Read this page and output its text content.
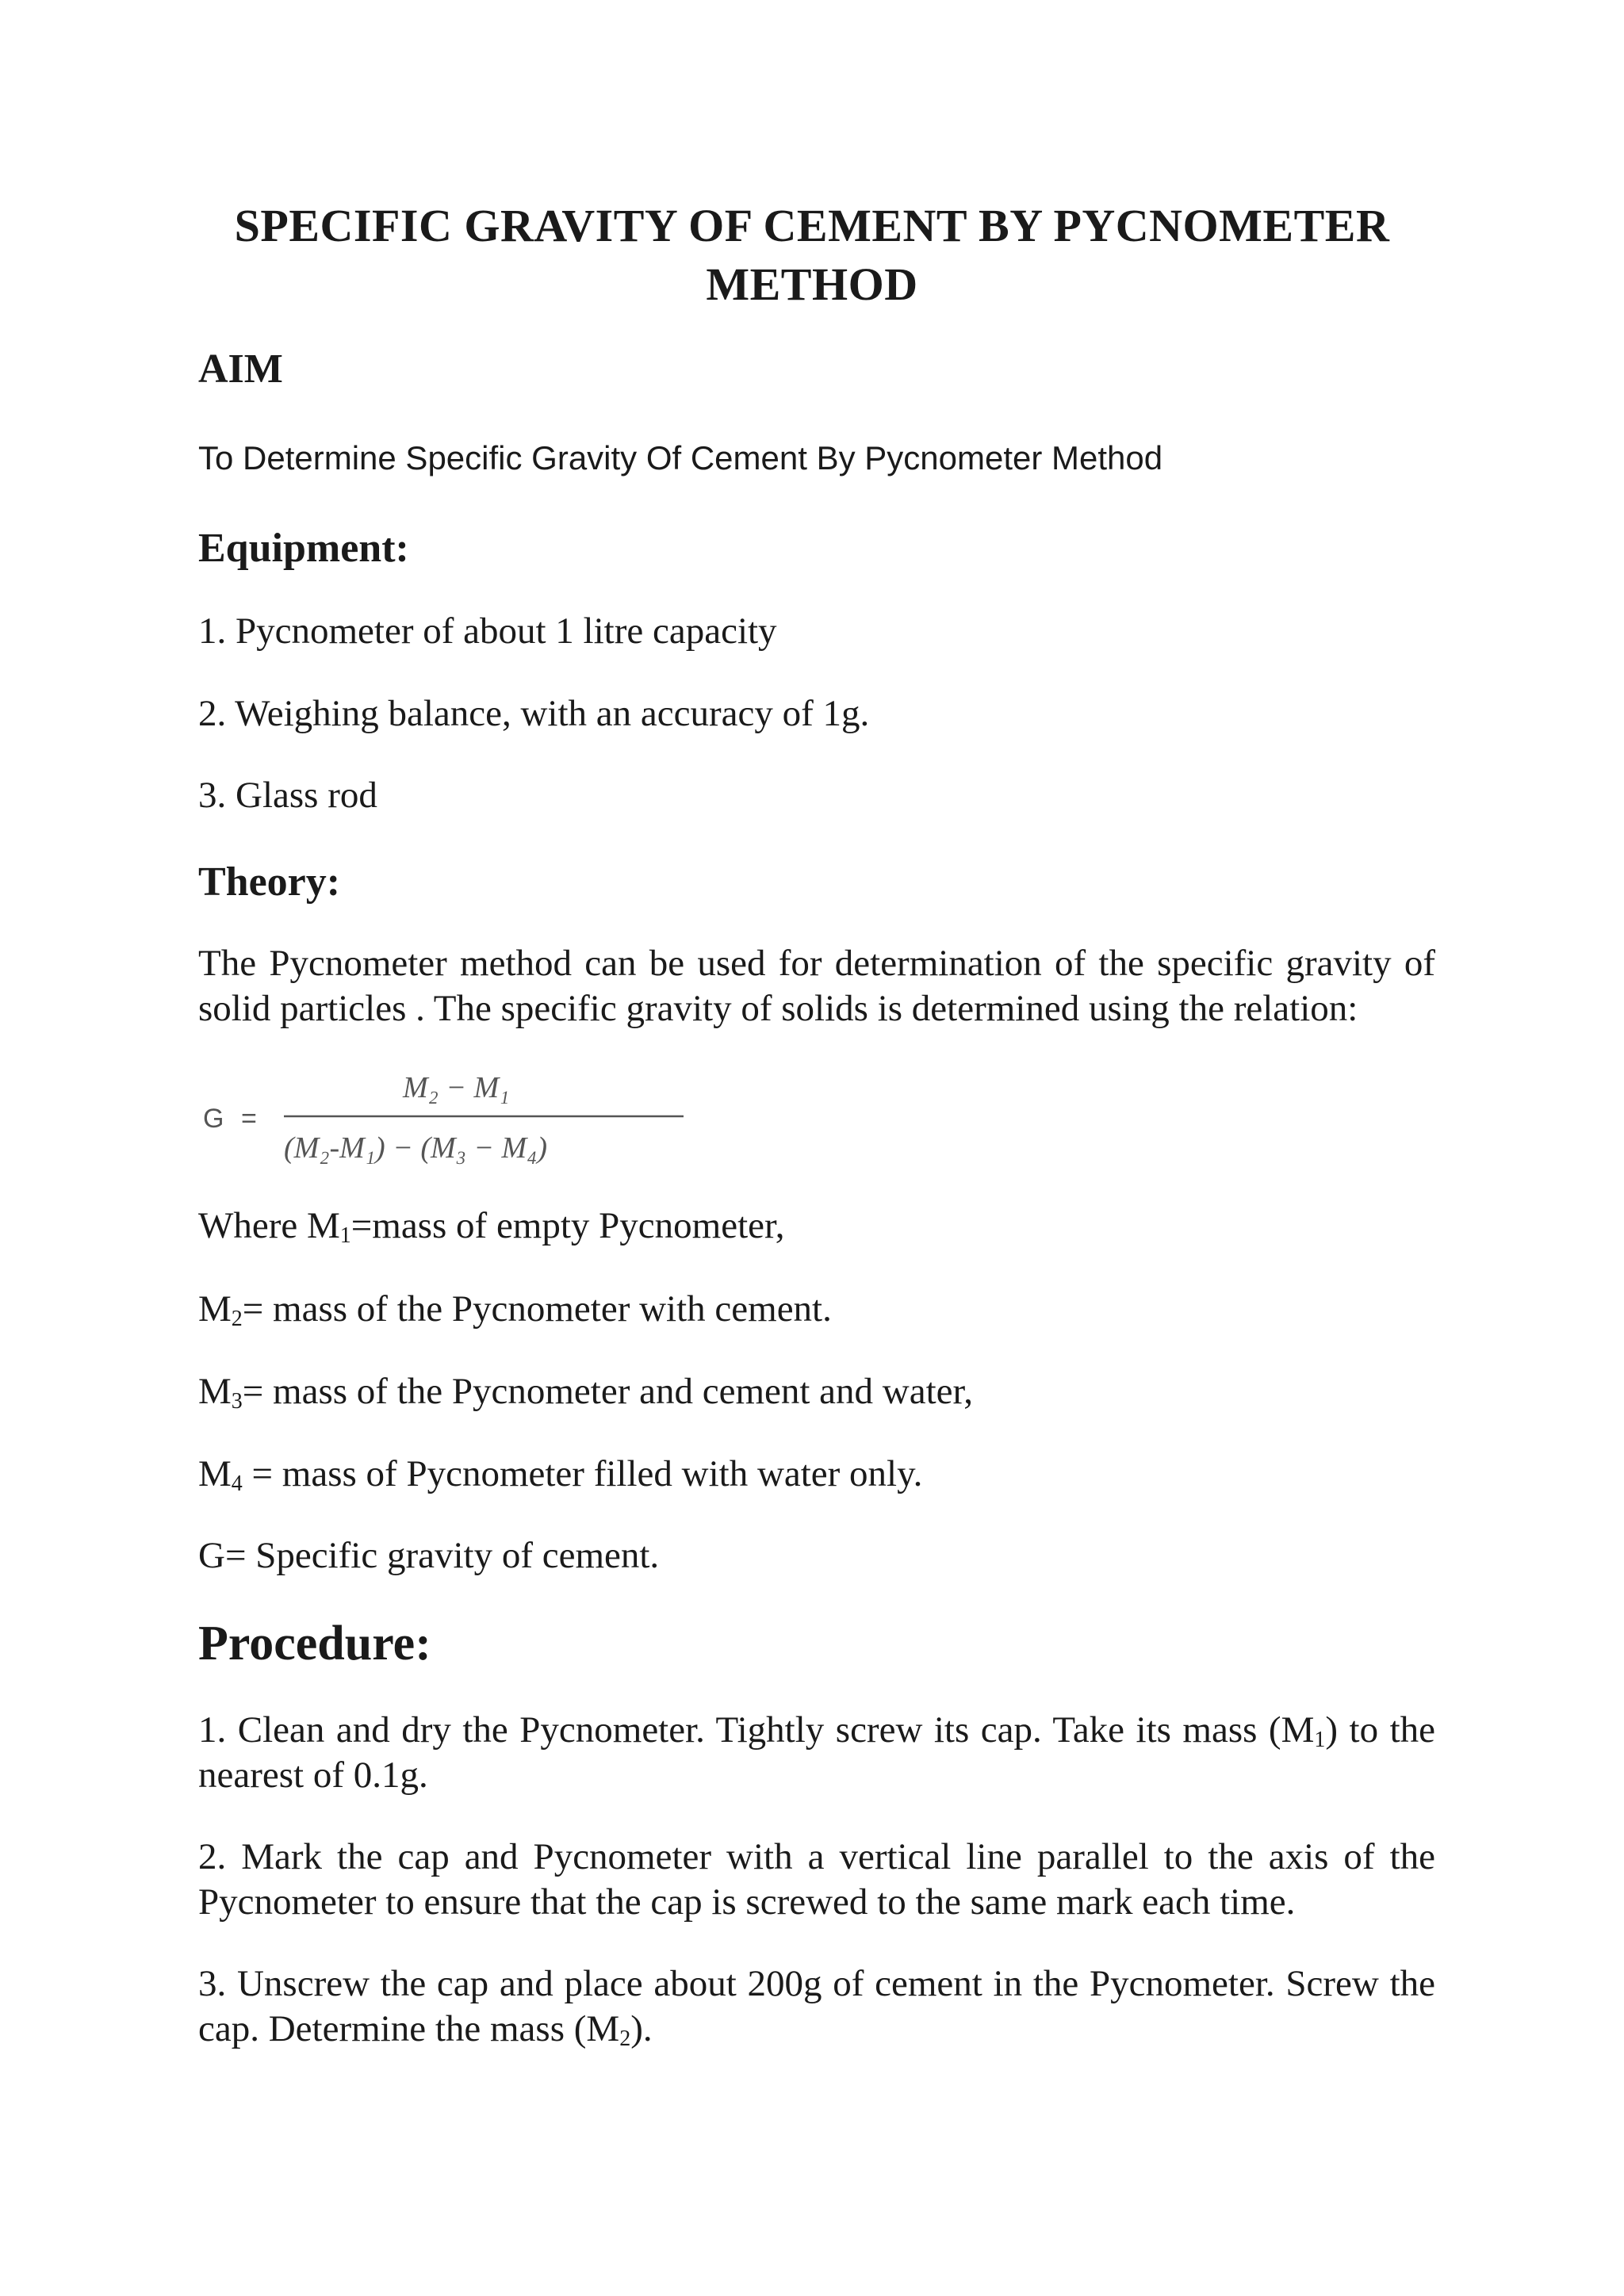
SPECIFIC GRAVITY OF CEMENT BY PYCNOMETER
METHOD
AIM
To Determine Specific Gravity Of Cement By Pycnometer Method
Equipment:
1. Pycnometer of about 1 litre capacity
2. Weighing balance, with an accuracy of 1g.
3. Glass rod
Theory:
The Pycnometer method can be used for determination of the specific gravity of solid particles . The specific gravity of solids is determined using the relation:
G =
M₂ − M₁
(M₂-M₁) − (M₃ − M₄)
Where $M_1=mass$ of empty Pycnometer,
$M_2=$ mass of the Pycnometer with cement.
$M_3=$ mass of the Pycnometer and cement and water,
$M_4$ = mass of Pycnometer filled with water only.
G= Specific gravity of cement.
Procedure:
1. Clean and dry the Pycnometer. Tightly screw its cap. Take its mass $(M_1)$ to the nearest of 0.1g.
2. Mark the cap and Pycnometer with a vertical line parallel to the axis of the Pycnometer to ensure that the cap is screwed to the same mark each time.
3. Unscrew the cap and place about 200g of cement in the Pycnometer. Screw the cap. Determine the mass $(M_2)$.
